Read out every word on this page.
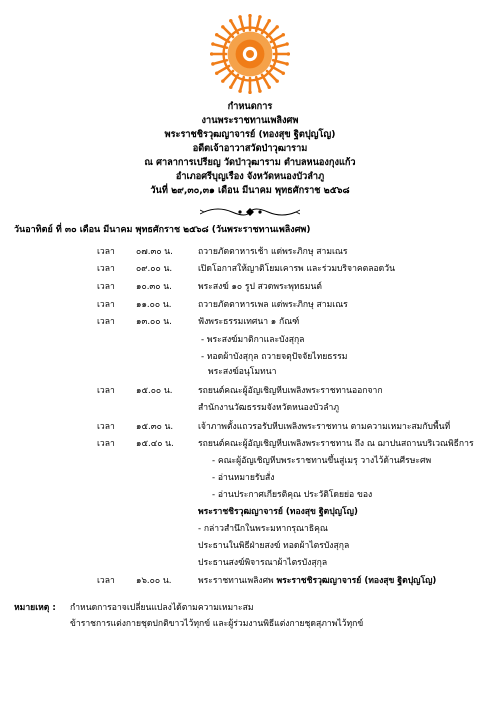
กำหนดการ
งานพระราชทานเพลิงศพ
พระราชชิรวุฒญาจารย์ (ทองสุข ฐิตปุญโญ)
อดีตเจ้าอาวาสวัดป่าวุฒาราม
ณ ศาลาการเปรียญ วัดป่าวุฒาราม ตำบลหนองกุงแก้ว
อำเภอศรีบุญเรือง จังหวัดหนองบัวลำภู
วันที่ ๒๙,๓๐,๓๑ เดือน มีนาคม พุทธศักราช ๒๕๖๘
วันอาทิตย์ ที่ ๓๐ เดือน มีนาคม พุทธศักราช ๒๕๖๘ (วันพระราชทานเพลิงศพ)
เวลา ๐๗.๓๐ น.	ถวายภัตตาหารเช้า แด่พระภิกษุ สามเณร
เวลา ๐๙.๐๐ น.	เปิดโอกาสให้ญาติโยมเคารพ และร่วมบริจาคตลอดวัน
เวลา ๑๐.๓๐ น.	พระสงฆ์ ๑๐ รูป สวดพระพุทธมนต์
เวลา ๑๑.๐๐ น.	ถวายภัตตาหารเพล แด่พระภิกษุ สามเณร
เวลา ๑๓.๐๐ น.	ฟังพระธรรมเทศนา ๑ กัณฑ์
- พระสงฆ์มาติกาและบังสุกุล
- ทอดผ้าบังสุกุล ถวายจตุปัจจัยไทยธรรม
พระสงฆ์อนุโมทนา
เวลา ๑๕.๐๐ น.	รถยนต์คณะผู้อัญเชิญหีบเพลิงพระราชทานออกจาก
สำนักงานวัฒธรรมจังหวัดหนองบัวลำภู
เวลา ๑๕.๓๐ น.	เจ้าภาพตั้งแถวรอรับหีบเพลิงพระราชทาน ตามความเหมาะสมกับพื้นที่
เวลา ๑๕.๔๐ น.	รถยนต์คณะผู้อัญเชิญหีบเพลิงพระราชทาน ถึง ณ ฌาปนสถานบริเวณพิธีการ
- คณะผู้อัญเชิญหีบพระราชทานขึ้นสู่เมรุ วางไว้ด้านศีรษะศพ
- อ่านหมายรับสั่ง
- อ่านประกาศเกียรติคุณ ประวัติโดยย่อ ของ
พระราชชิรวุฒญาจารย์ (ทองสุข ฐิตปุญโญ)
- กล่าวสำนึกในพระมหากรุณาธิคุณ
ประธานในพิธีฝ่ายสงฆ์ ทอดผ้าไตรบังสุกุล
ประธานสงฆ์พิจารณาผ้าไตรบังสุกุล
เวลา ๑๖.๐๐ น.	พระราชทานเพลิงศพ พระราชชิรวุฒญาจารย์ (ทองสุข ฐิตปุญโญ)
หมายเหตุ : กำหนดการอาจเปลี่ยนแปลงได้ตามความเหมาะสม
ข้าราชการแต่งกายชุดปกติขาวไว้ทุกข์ และผู้ร่วมงานพิธีแต่งกายชุดสุภาพไว้ทุกข์
